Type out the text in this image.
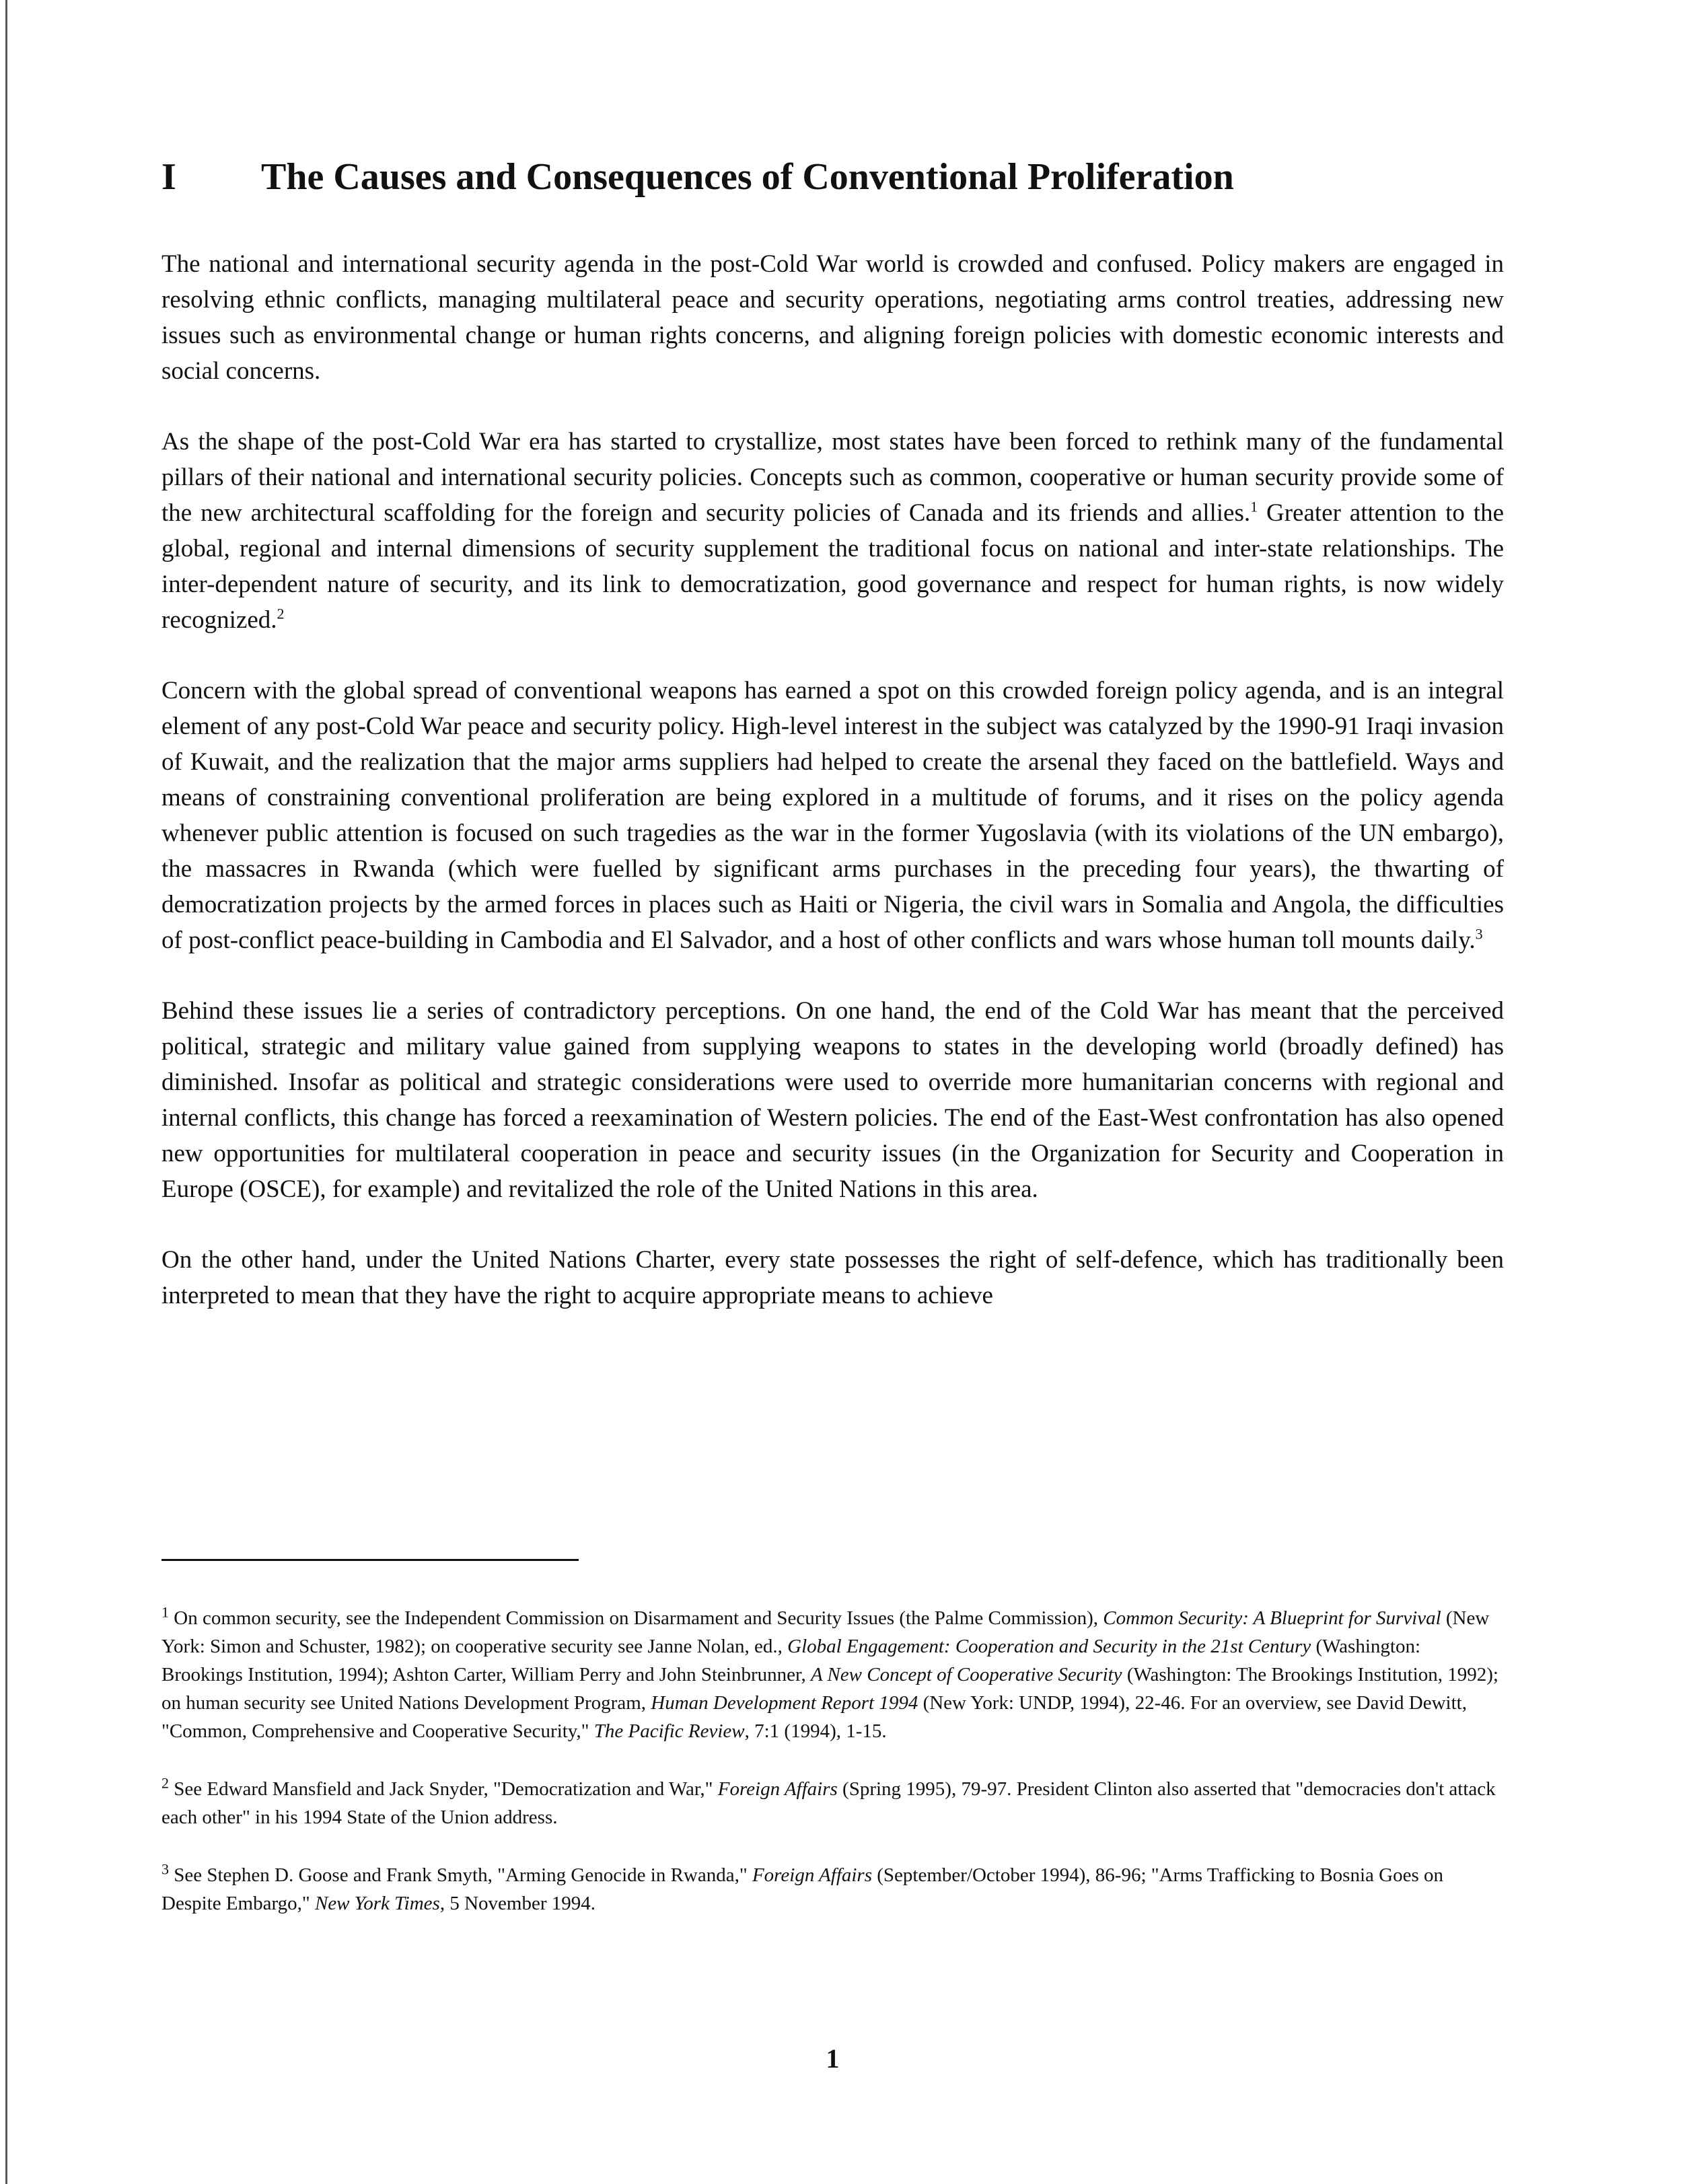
I The Causes and Consequences of Conventional Proliferation

The national and international security agenda in the post-Cold War world is crowded and confused. Policy makers are engaged in resolving ethnic conflicts, managing multilateral peace and security operations, negotiating arms control treaties, addressing new issues such as environmental change or human rights concerns, and aligning foreign policies with domestic economic interests and social concerns.

As the shape of the post-Cold War era has started to crystallize, most states have been forced to rethink many of the fundamental pillars of their national and international security policies. Concepts such as common, cooperative or human security provide some of the new architectural scaffolding for the foreign and security policies of Canada and its friends and allies.$^1$ Greater attention to the global, regional and internal dimensions of security supplement the traditional focus on national and inter-state relationships. The inter-dependent nature of security, and its link to democratization, good governance and respect for human rights, is now widely recognized.$^2$

Concern with the global spread of conventional weapons has earned a spot on this crowded foreign policy agenda, and is an integral element of any post-Cold War peace and security policy. High-level interest in the subject was catalyzed by the 1990-91 Iraqi invasion of Kuwait, and the realization that the major arms suppliers had helped to create the arsenal they faced on the battlefield. Ways and means of constraining conventional proliferation are being explored in a multitude of forums, and it rises on the policy agenda whenever public attention is focused on such tragedies as the war in the former Yugoslavia (with its violations of the UN embargo), the massacres in Rwanda (which were fuelled by significant arms purchases in the preceding four years), the thwarting of democratization projects by the armed forces in places such as Haiti or Nigeria, the civil wars in Somalia and Angola, the difficulties of post-conflict peace-building in Cambodia and El Salvador, and a host of other conflicts and wars whose human toll mounts daily.$^3$

Behind these issues lie a series of contradictory perceptions. On one hand, the end of the Cold War has meant that the perceived political, strategic and military value gained from supplying weapons to states in the developing world (broadly defined) has diminished. Insofar as political and strategic considerations were used to override more humanitarian concerns with regional and internal conflicts, this change has forced a reexamination of Western policies. The end of the East-West confrontation has also opened new opportunities for multilateral cooperation in peace and security issues (in the Organization for Security and Cooperation in Europe (OSCE), for example) and revitalized the role of the United Nations in this area.

On the other hand, under the United Nations Charter, every state possesses the right of self-defence, which has traditionally been interpreted to mean that they have the right to acquire appropriate means to achieve

$^1$ On common security, see the Independent Commission on Disarmament and Security Issues (the Palme Commission), Common Security: A Blueprint for Survival (New York: Simon and Schuster, 1982); on cooperative security see Janne Nolan, ed., Global Engagement: Cooperation and Security in the 21st Century (Washington: Brookings Institution, 1994); Ashton Carter, William Perry and John Steinbrunner, A New Concept of Cooperative Security (Washington: The Brookings Institution, 1992); on human security see United Nations Development Program, Human Development Report 1994 (New York: UNDP, 1994), 22-46. For an overview, see David Dewitt, "Common, Comprehensive and Cooperative Security," The Pacific Review, 7:1 (1994), 1-15.

$^2$ See Edward Mansfield and Jack Snyder, "Democratization and War," Foreign Affairs (Spring 1995), 79-97. President Clinton also asserted that "democracies don't attack each other" in his 1994 State of the Union address.

$^3$ See Stephen D. Goose and Frank Smyth, "Arming Genocide in Rwanda," Foreign Affairs (September/October 1994), 86-96; "Arms Trafficking to Bosnia Goes on Despite Embargo," New York Times, 5 November 1994.

1
